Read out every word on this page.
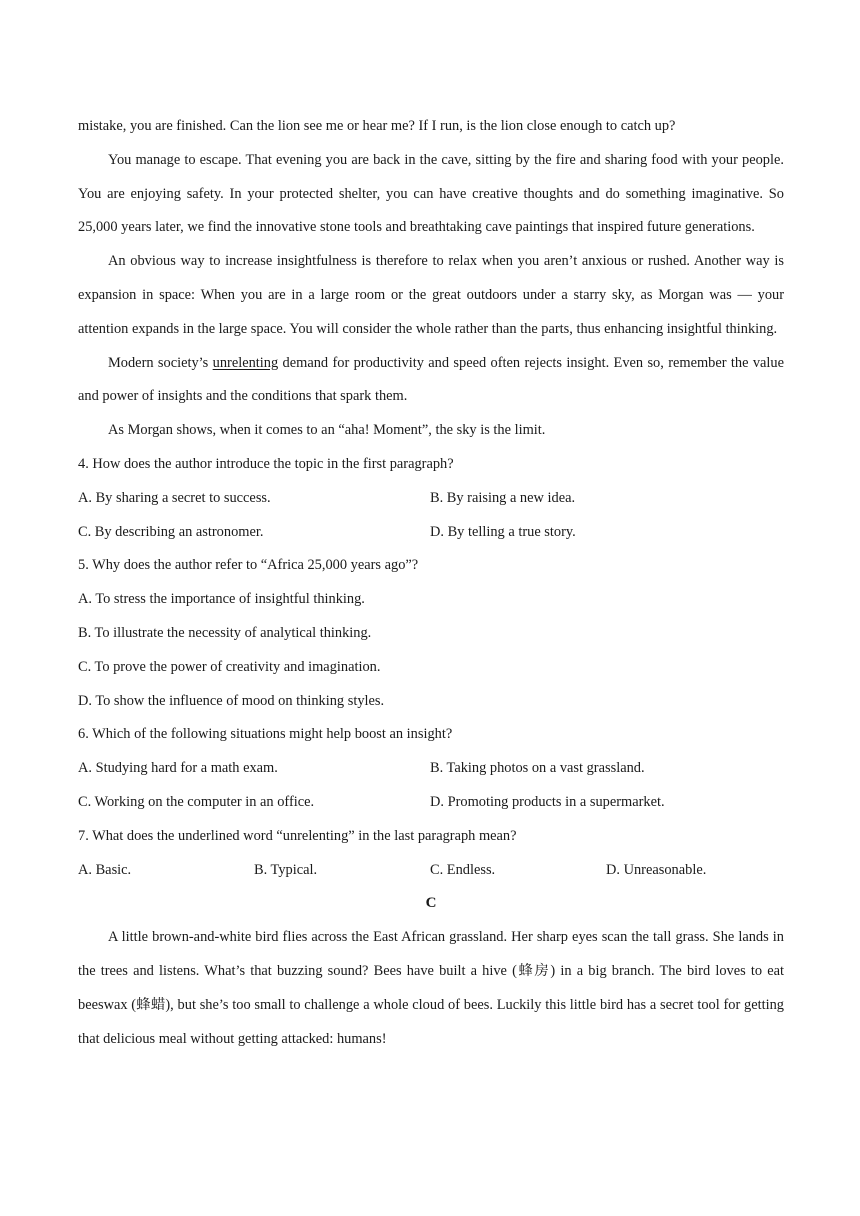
mistake, you are finished. Can the lion see me or hear me? If I run, is the lion close enough to catch up?

You manage to escape. That evening you are back in the cave, sitting by the fire and sharing food with your people. You are enjoying safety. In your protected shelter, you can have creative thoughts and do something imaginative. So 25,000 years later, we find the innovative stone tools and breathtaking cave paintings that inspired future generations.

An obvious way to increase insightfulness is therefore to relax when you aren’t anxious or rushed. Another way is expansion in space: When you are in a large room or the great outdoors under a starry sky, as Morgan was — your attention expands in the large space. You will consider the whole rather than the parts, thus enhancing insightful thinking.

Modern society’s unrelenting demand for productivity and speed often rejects insight. Even so, remember the value and power of insights and the conditions that spark them.

As Morgan shows, when it comes to an “aha! Moment”, the sky is the limit.

4. How does the author introduce the topic in the first paragraph?
A. By sharing a secret to success.	B. By raising a new idea.
C. By describing an astronomer.	D. By telling a true story.
5. Why does the author refer to “Africa 25,000 years ago”?
A. To stress the importance of insightful thinking.
B. To illustrate the necessity of analytical thinking.
C. To prove the power of creativity and imagination.
D. To show the influence of mood on thinking styles.
6. Which of the following situations might help boost an insight?
A. Studying hard for a math exam.	B. Taking photos on a vast grassland.
C. Working on the computer in an office.	D. Promoting products in a supermarket.
7. What does the underlined word “unrelenting” in the last paragraph mean?
A. Basic.	B. Typical.	C. Endless.	D. Unreasonable.
C

A little brown-and-white bird flies across the East African grassland. Her sharp eyes scan the tall grass. She lands in the trees and listens. What’s that buzzing sound? Bees have built a hive (蜂房) in a big branch. The bird loves to eat beeswax (蜂蜡), but she’s too small to challenge a whole cloud of bees. Luckily this little bird has a secret tool for getting that delicious meal without getting attacked: humans!
